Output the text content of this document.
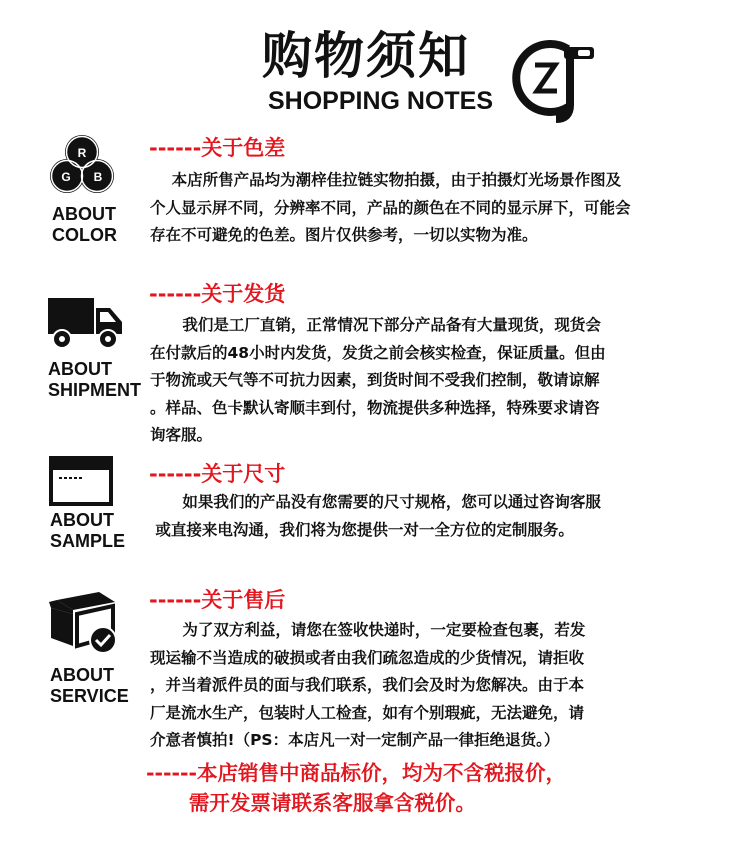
购物须知
SHOPPING NOTES
R
G B
ABOUT
COLOR
------关于色差
本店所售产品均为潮梓佳拉链实物拍摄，由于拍摄灯光场景作图及
个人显示屏不同，分辨率不同，产品的颜色在不同的显示屏下，可能会
存在不可避免的色差。图片仅供参考，一切以实物为准。
ABOUT
SHIPMENT
------关于发货
我们是工厂直销，正常情况下部分产品备有大量现货，现货会
在付款后的48小时内发货，发货之前会核实检查，保证质量。但由
于物流或天气等不可抗力因素，到货时间不受我们控制，敬请谅解
。样品、色卡默认寄顺丰到付，物流提供多种选择，特殊要求请咨
询客服。
ABOUT
SAMPLE
------关于尺寸
如果我们的产品没有您需要的尺寸规格，您可以通过咨询客服
或直接来电沟通，我们将为您提供一对一全方位的定制服务。
ABOUT
SERVICE
------关于售后
为了双方利益，请您在签收快递时，一定要检查包裹，若发
现运输不当造成的破损或者由我们疏忽造成的少货情况，请拒收
，并当着派件员的面与我们联系，我们会及时为您解决。由于本
厂是流水生产，包装时人工检查，如有个别瑕疵，无法避免，请
介意者慎拍!（PS：本店凡一对一定制产品一律拒绝退货。）
------本店销售中商品标价，均为不含税报价，
需开发票请联系客服拿含税价。
